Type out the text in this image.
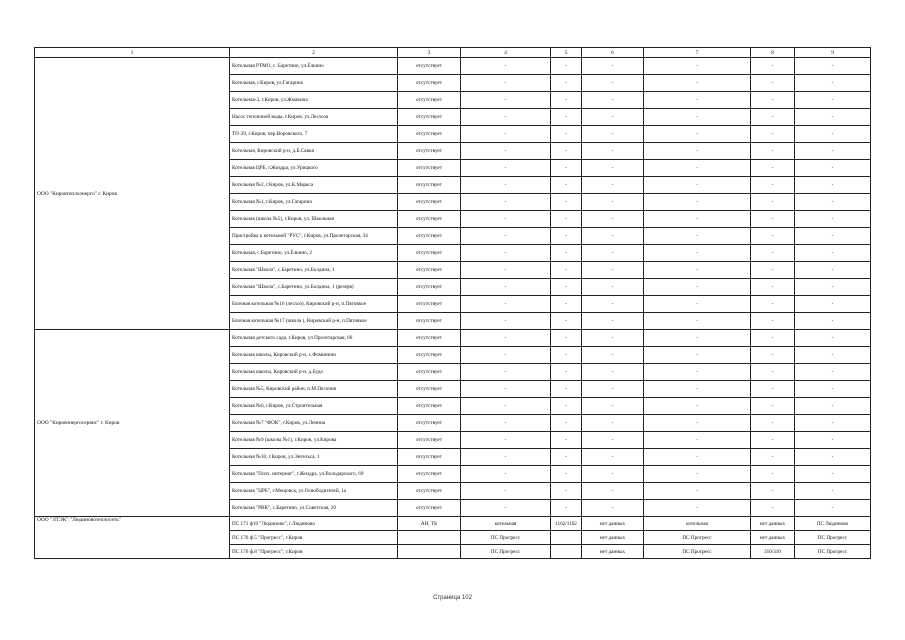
1	2	3	4	5	6	7	8	9
ООО "Кировтеплоэнерго" г. Киров	Котельная РТМО, с. Баретино, ул.Ёлкино	отсутствует	-	-	-	-	-	-
	Котельная, г.Киров, ул.Гагарина	отсутствует	-	-	-	-	-	-
	Котельная-3, г.Киров, ул.Жмакина	отсутствует	-	-	-	-	-	-
	Насос тепличной воды, г.Киров, ул.Лесхоза	отсутствует	-	-	-	-	-	-
	ТП-39, г.Киров, пер.Воровского, 7	отсутствует	-	-	-	-	-	-
	Котельная, Кировский р-н, д.Б.Савки	отсутствует	-	-	-	-	-	-
	Котельная ЦРБ, г.Жиздра, ул.Урицкого	отсутствует	-	-	-	-	-	-
	Котельная №2, г.Киров, ул.К.Маркса	отсутствует	-	-	-	-	-	-
	Котельная №1, г.Киров, ул.Гагарина	отсутствует	-	-	-	-	-	-
	Котельная (школа №5), г.Киров, ул. Школьная	отсутствует	-	-	-	-	-	-
	Пристройка к котельной "РУС", г.Киров, ул.Пролетарская, 34	отсутствует	-	-	-	-	-	-
	Котельная, с.Баретино, ул.Ёлкино, 2	отсутствует	-	-	-	-	-	-
	Котельная "Школа", с.Баретино, ул.Болдина, 1	отсутствует	-	-	-	-	-	-
	Котельная "Школа", с.Баретино, ул.Болдина, 1 (резерв)	отсутствует	-	-	-	-	-	-
	Блочная котельная №16 (лесхоз), Кировский р-н, п.Пятовкое	отсутствует	-	-	-	-	-	-
	Блочная котельная №17 (школа ), Кировский р-н, п.Пятовкое	отсутствует	-	-	-	-	-	-
ООО "Кировэнергосервис" г. Киров	Котельная детского сада, г.Киров, ул Пролетарская, 66	отсутствует	-	-	-	-	-	-
	Котельная школы, Кировский р-н, с.Фоминичи	отсутствует	-	-	-	-	-	-
	Котельная школы, Кировский р-н, д.Буда	отсутствует	-	-	-	-	-	-
	Котельная №5, Кировский район, п.М.Песочня	отсутствует	-	-	-	-	-	-
	Котельная №6, г.Киров, ул.Строительная	отсутствует	-	-	-	-	-	-
	Котельная №7 "ФОК", г.Киров, ул.Ленина	отсутствует	-	-	-	-	-	-
	Котельная №9 (школы №1), г.Киров, ул.Кирова	отсутствует	-	-	-	-	-	-
	Котельная №10, г.Киров, ул.Энгельса, 1	отсутствует	-	-	-	-	-	-
	Котельная "Псих. интернат", г.Жиздра, ул.Володарского, 69	отсутствует	-	-	-	-	-	-
	Котельная "ЦРБ", г.Мещовск, ул.Освободителей, 1а	отсутствует	-	-	-	-	-	-
	Котельная "РВК", с.Баретино, ул.Советская, 20	отсутствует	-	-	-	-	-	-
ООО "ЛТЭК" "Людиновотеплосеть"	ПС 171 ф10 "Людиново", г.Людиново	АИ, ТБ	котельная	1162/1162	нет данных	котельная	нет данных	ПС Людиново
	ПС 176 ф.5 "Прогресс", г.Киров		ПС Прогресс		нет данных	ПС Прогресс	нет данных	ПС Прогресс
	ПС 176 ф.8 "Прогресс", г.Киров		ПС Прогресс		нет данных	ПС Прогресс	310/310	ПС Прогресс
Страница 102
